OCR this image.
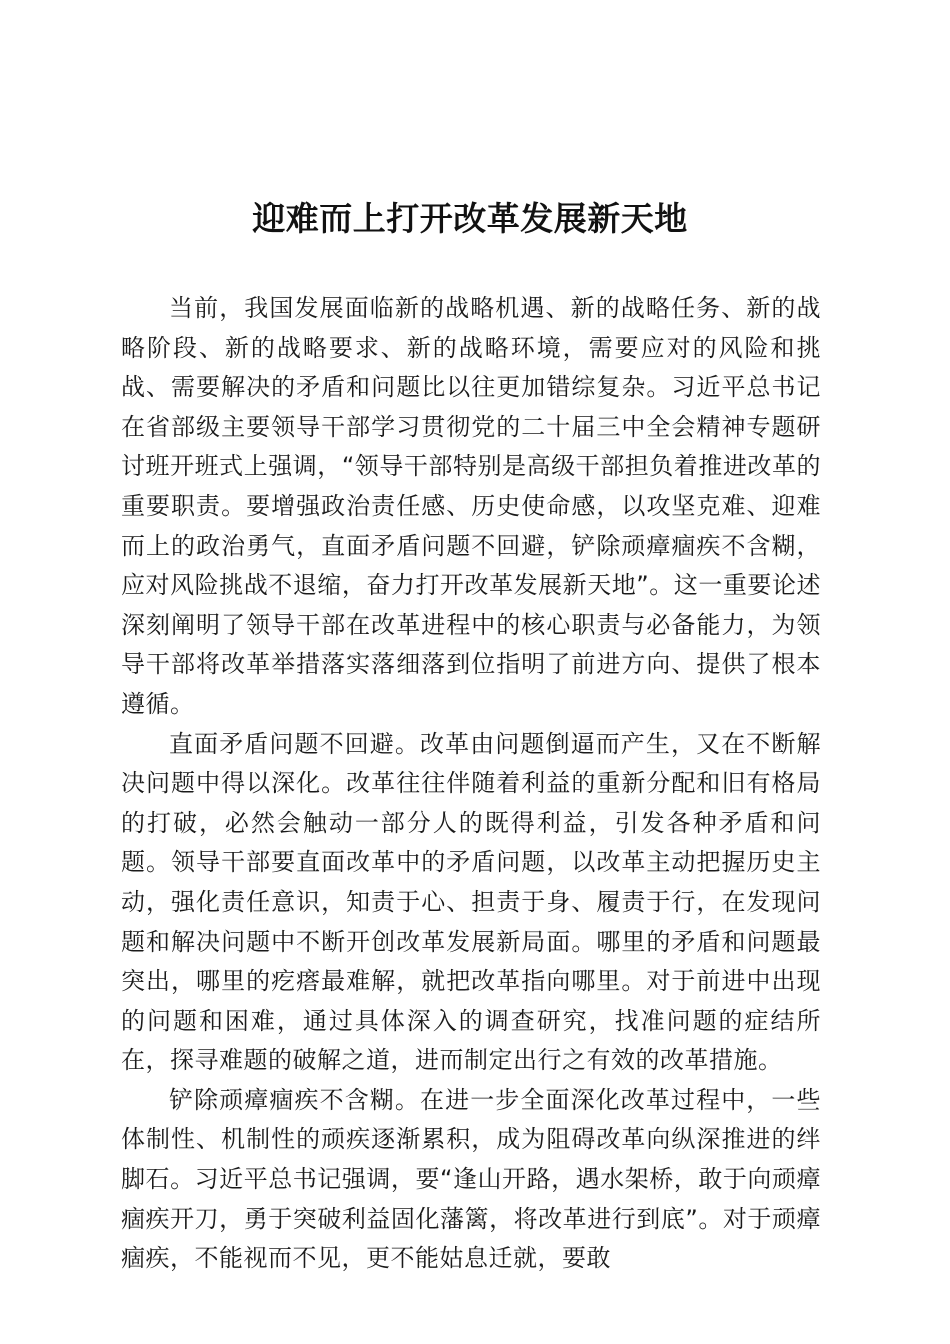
迎难而上打开改革发展新天地

当前，我国发展面临新的战略机遇、新的战略任务、新的战略阶段、新的战略要求、新的战略环境，需要应对的风险和挑战、需要解决的矛盾和问题比以往更加错综复杂。习近平总书记在省部级主要领导干部学习贯彻党的二十届三中全会精神专题研讨班开班式上强调，“领导干部特别是高级干部担负着推进改革的重要职责。要增强政治责任感、历史使命感，以攻坚克难、迎难而上的政治勇气，直面矛盾问题不回避，铲除顽瘴痼疾不含糊，应对风险挑战不退缩，奋力打开改革发展新天地”。这一重要论述深刻阐明了领导干部在改革进程中的核心职责与必备能力，为领导干部将改革举措落实落细落到位指明了前进方向、提供了根本遵循。

直面矛盾问题不回避。改革由问题倒逼而产生，又在不断解决问题中得以深化。改革往往伴随着利益的重新分配和旧有格局的打破，必然会触动一部分人的既得利益，引发各种矛盾和问题。领导干部要直面改革中的矛盾问题，以改革主动把握历史主动，强化责任意识，知责于心、担责于身、履责于行，在发现问题和解决问题中不断开创改革发展新局面。哪里的矛盾和问题最突出，哪里的疙瘩最难解，就把改革指向哪里。对于前进中出现的问题和困难，通过具体深入的调查研究，找准问题的症结所在，探寻难题的破解之道，进而制定出行之有效的改革措施。

铲除顽瘴痼疾不含糊。在进一步全面深化改革过程中，一些体制性、机制性的顽疾逐渐累积，成为阻碍改革向纵深推进的绊脚石。习近平总书记强调，要“逢山开路，遇水架桥，敢于向顽瘴痼疾开刀，勇于突破利益固化藩篱，将改革进行到底”。对于顽瘴痼疾，不能视而不见，更不能姑息迁就，要敢
